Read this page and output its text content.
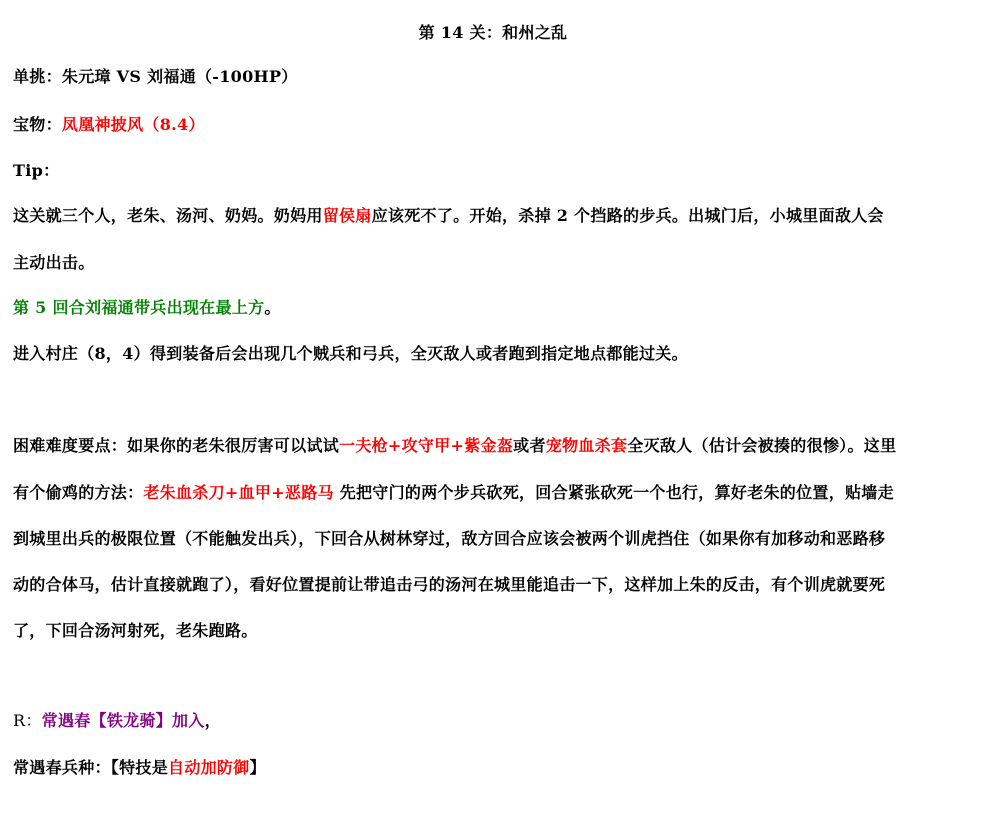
第 14 关：和州之乱
单挑：朱元璋 VS 刘福通（-100HP）
宝物：凤凰神披风（8.4）
Tip：
这关就三个人，老朱、汤河、奶妈。奶妈用留侯扇应该死不了。开始，杀掉 2 个挡路的步兵。出城门后，小城里面敌人会
主动出击。
第 5 回合刘福通带兵出现在最上方。
进入村庄（8，4）得到装备后会出现几个贼兵和弓兵，全灭敌人或者跑到指定地点都能过关。
困难难度要点：如果你的老朱很厉害可以试试一夫枪+攻守甲+紫金盔或者宠物血杀套全灭敌人（估计会被揍的很惨）。这里
有个偷鸡的方法：老朱血杀刀+血甲+恶路马 先把守门的两个步兵砍死，回合紧张砍死一个也行，算好老朱的位置，贴墙走
到城里出兵的极限位置（不能触发出兵），下回合从树林穿过，敌方回合应该会被两个训虎挡住（如果你有加移动和恶路移
动的合体马，估计直接就跑了），看好位置提前让带追击弓的汤河在城里能追击一下，这样加上朱的反击，有个训虎就要死
了，下回合汤河射死，老朱跑路。
R：常遇春【铁龙骑】加入，
常遇春兵种：【特技是自动加防御】
